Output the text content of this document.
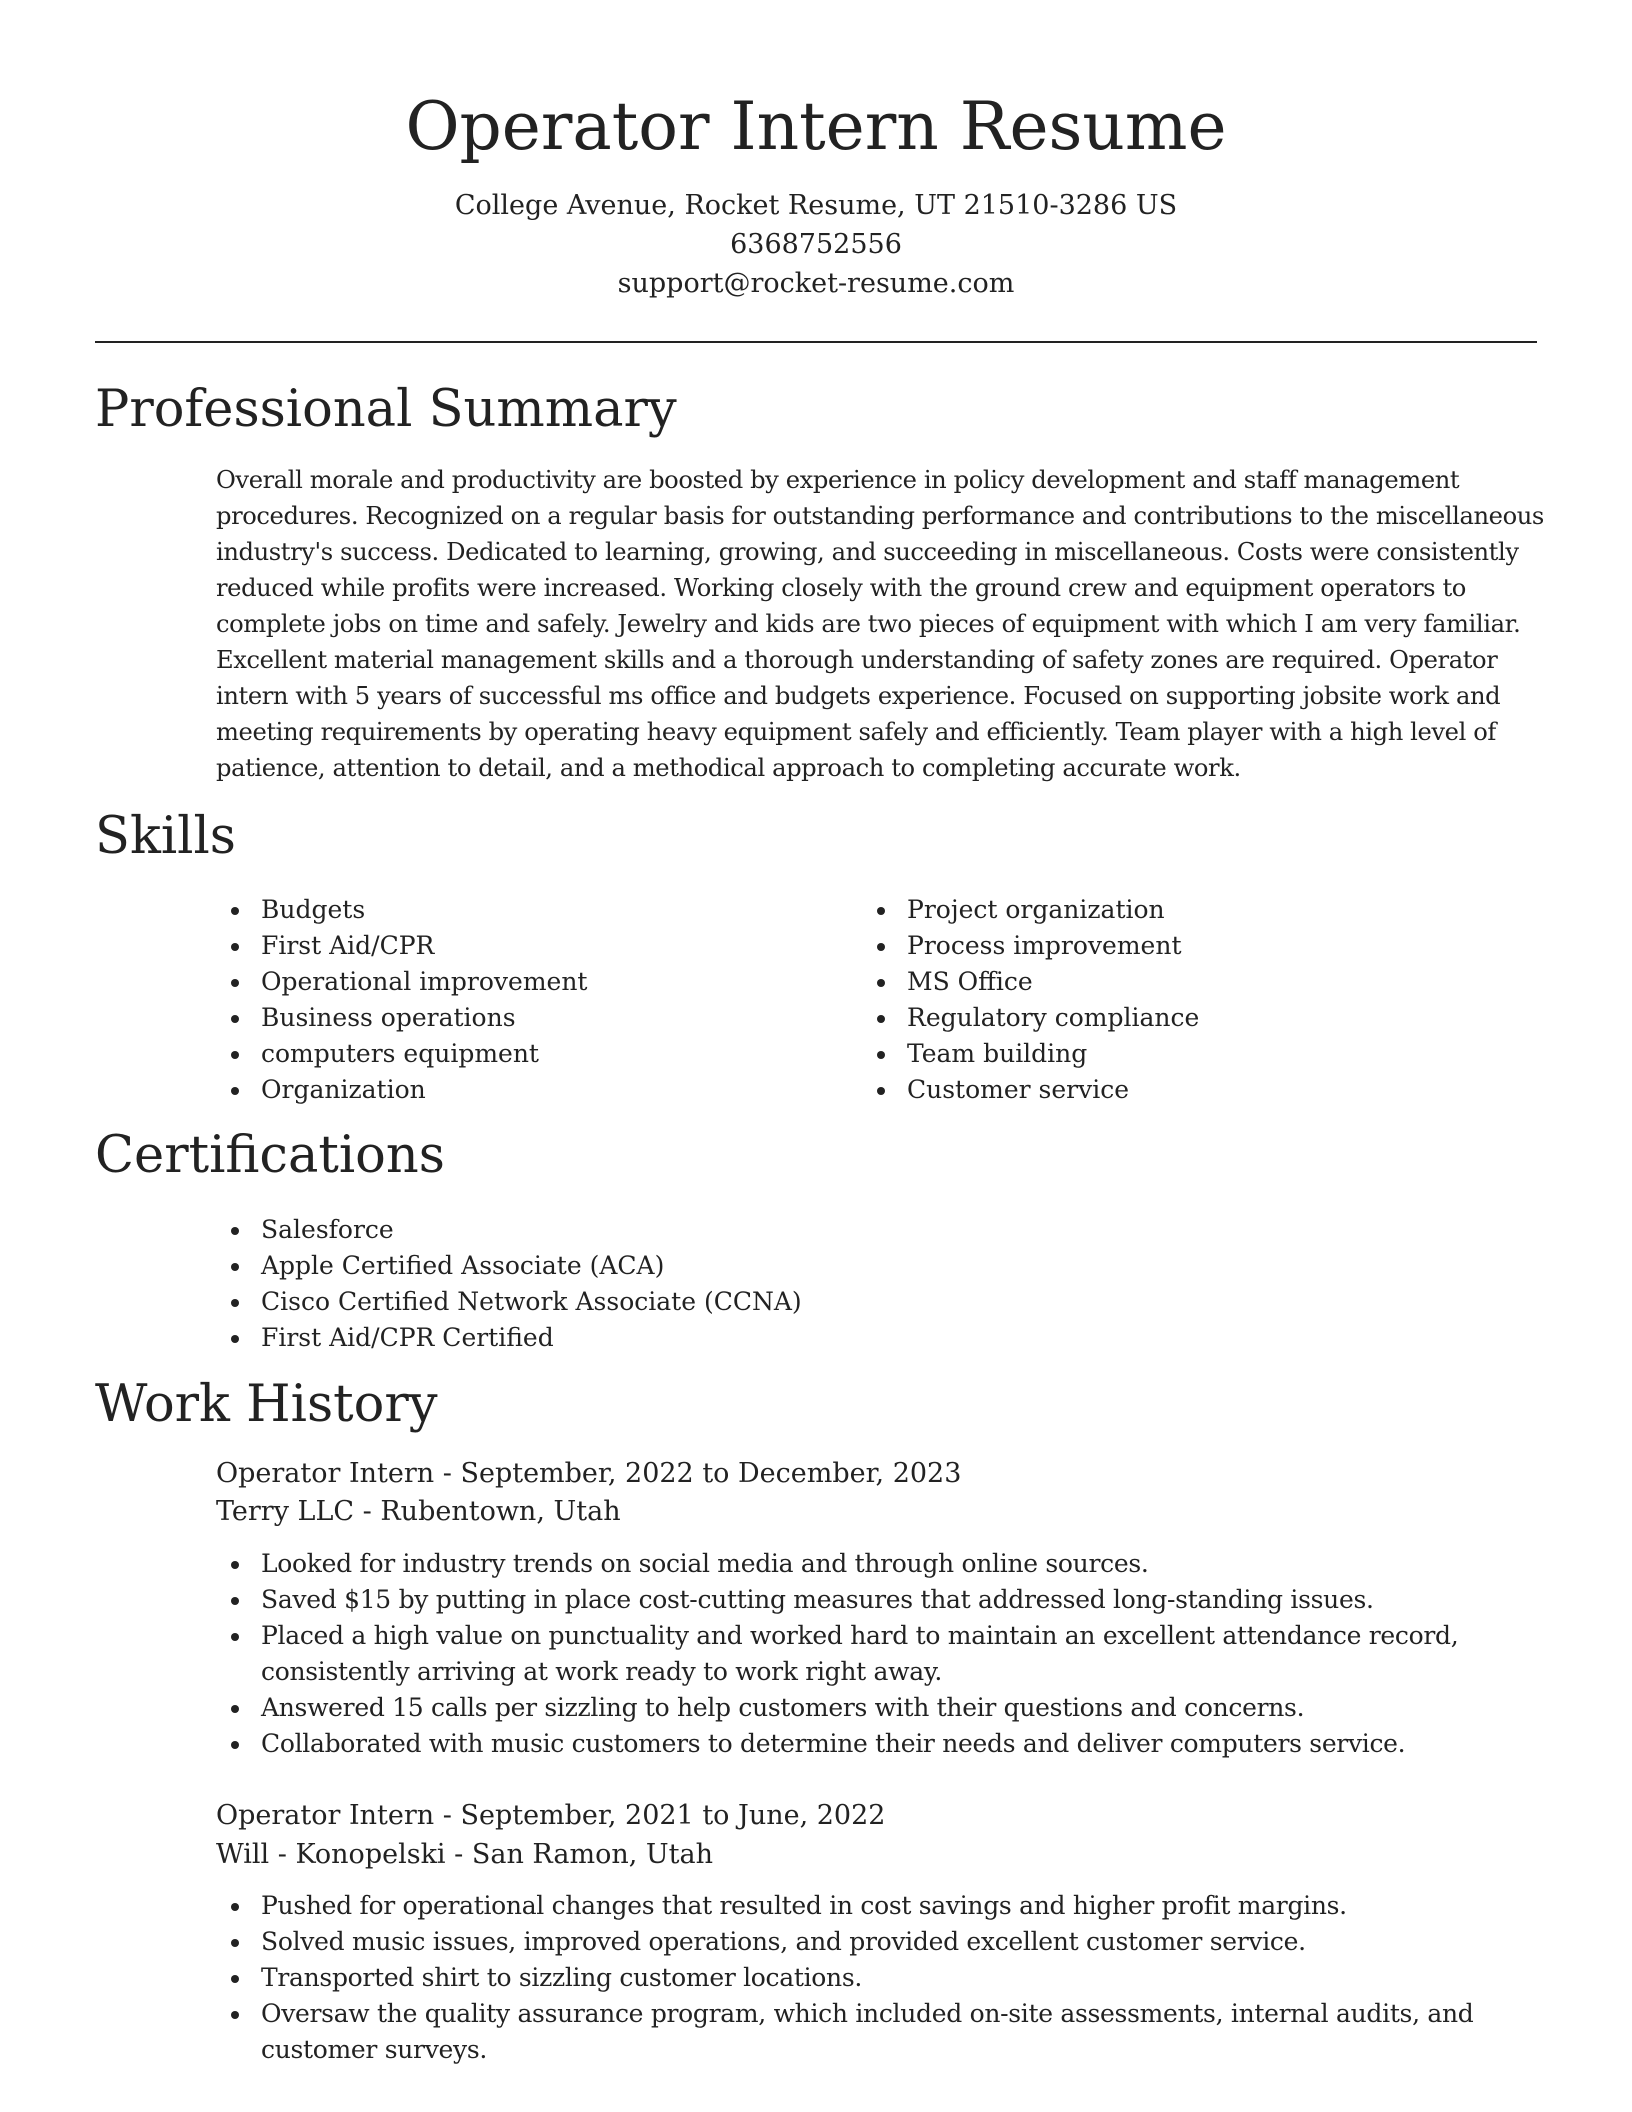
Operator Intern Resume

College Avenue, Rocket Resume, UT 21510-3286 US

6368752556

support@rocket-resume.com

Professional Summary

Overall morale and productivity are boosted by experience in policy development and staff management procedures. Recognized on a regular basis for outstanding performance and contributions to the miscellaneous industry's success. Dedicated to learning, growing, and succeeding in miscellaneous. Costs were consistently reduced while profits were increased. Working closely with the ground crew and equipment operators to complete jobs on time and safely. Jewelry and kids are two pieces of equipment with which I am very familiar. Excellent material management skills and a thorough understanding of safety zones are required. Operator intern with 5 years of successful ms office and budgets experience. Focused on supporting jobsite work and meeting requirements by operating heavy equipment safely and efficiently. Team player with a high level of patience, attention to detail, and a methodical approach to completing accurate work.

Skills
Budgets
First Aid/CPR
Operational improvement
Business operations
computers equipment
Organization
Project organization
Process improvement
MS Office
Regulatory compliance
Team building
Customer service
Certifications
Salesforce
Apple Certified Associate (ACA)
Cisco Certified Network Associate (CCNA)
First Aid/CPR Certified
Work History

Operator Intern - September, 2022 to December, 2023

Terry LLC - Rubentown, Utah

Looked for industry trends on social media and through online sources.
Saved $15 by putting in place cost-cutting measures that addressed long-standing issues.
Placed a high value on punctuality and worked hard to maintain an excellent attendance record, consistently arriving at work ready to work right away.
Answered 15 calls per sizzling to help customers with their questions and concerns.
Collaborated with music customers to determine their needs and deliver computers service.

Operator Intern - September, 2021 to June, 2022

Will - Konopelski - San Ramon, Utah

Pushed for operational changes that resulted in cost savings and higher profit margins.
Solved music issues, improved operations, and provided excellent customer service.
Transported shirt to sizzling customer locations.
Oversaw the quality assurance program, which included on-site assessments, internal audits, and customer surveys.
